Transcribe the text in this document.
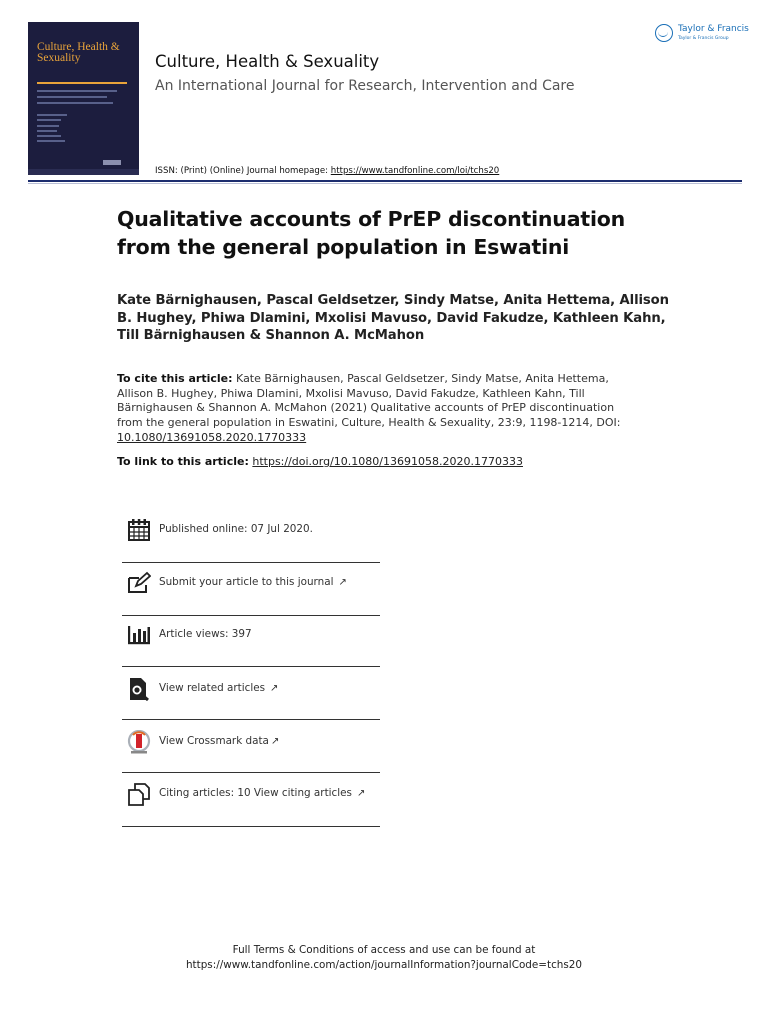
Culture, Health & Sexuality	Culture, Health & Sexuality
An International Journal for Research, Intervention and Care
ISSN: (Print) (Online) Journal homepage: https://www.tandfonline.com/loi/tchs20
Taylor & Francis
Taylor & Francis Group
Qualitative accounts of PrEP discontinuation from the general population in Eswatini
Kate Bärnighausen, Pascal Geldsetzer, Sindy Matse, Anita Hettema, Allison B. Hughey, Phiwa Dlamini, Mxolisi Mavuso, David Fakudze, Kathleen Kahn, Till Bärnighausen & Shannon A. McMahon
To cite this article: Kate Bärnighausen, Pascal Geldsetzer, Sindy Matse, Anita Hettema, Allison B. Hughey, Phiwa Dlamini, Mxolisi Mavuso, David Fakudze, Kathleen Kahn, Till Bärnighausen & Shannon A. McMahon (2021) Qualitative accounts of PrEP discontinuation from the general population in Eswatini, Culture, Health & Sexuality, 23:9, 1198-1214, DOI: 10.1080/13691058.2020.1770333
To link to this article: https://doi.org/10.1080/13691058.2020.1770333
Published online: 07 Jul 2020.
Submit your article to this journal ↗
Article views: 397
View related articles ↗
View Crossmark data ↗
Citing articles: 10 View citing articles ↗
Full Terms & Conditions of access and use can be found at
https://www.tandfonline.com/action/journalInformation?journalCode=tchs20
